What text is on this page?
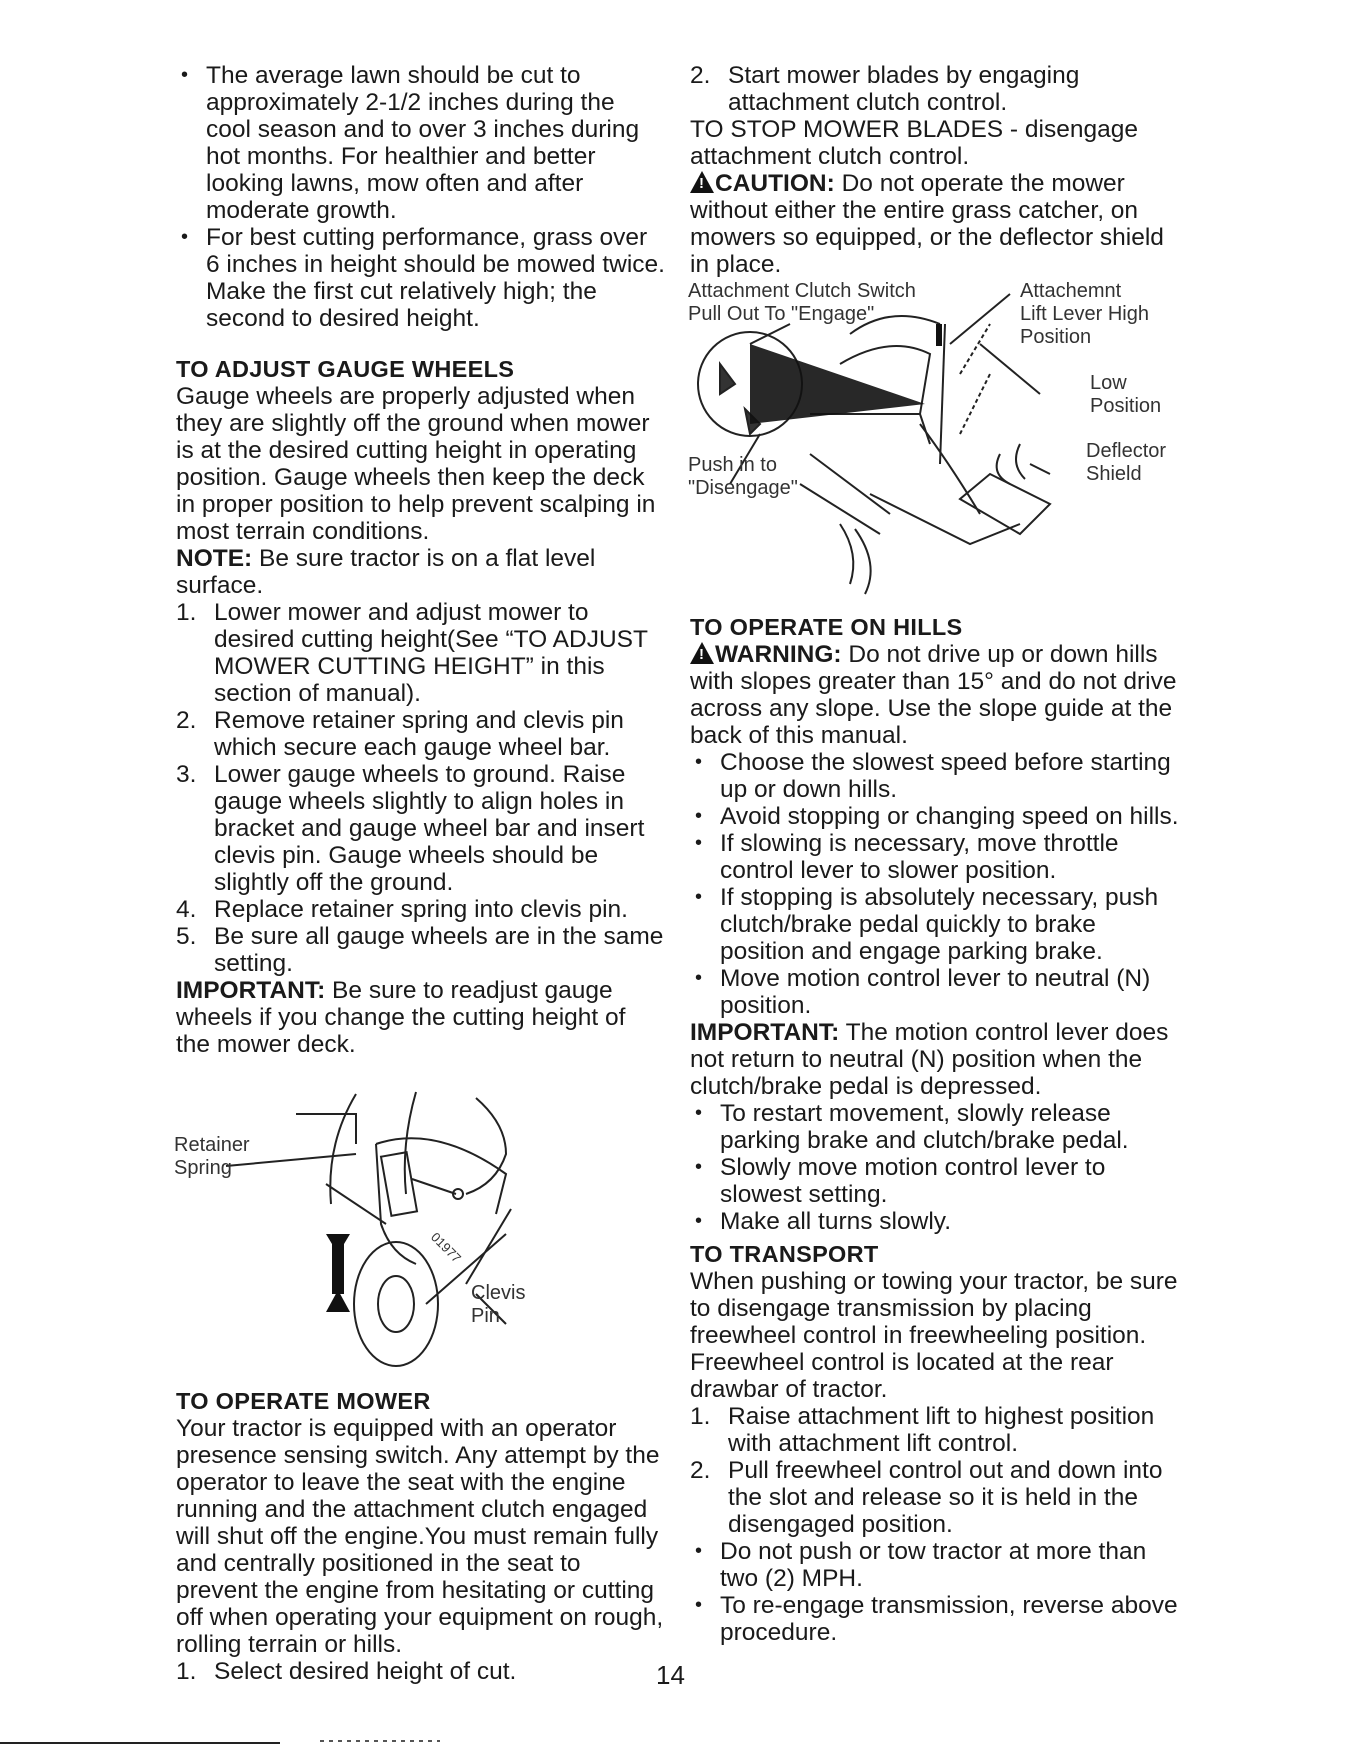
• The average lawn should be cut to approximately 2-1/2 inches during the cool season and to over 3 inches during hot months. For healthier and better looking lawns, mow often and after moderate growth.

• For best cutting performance, grass over 6 inches in height should be mowed twice. Make the first cut relatively high; the second to desired height.

TO ADJUST GAUGE WHEELS

Gauge wheels are properly adjusted when they are slightly off the ground when mower is at the desired cutting height in operating position. Gauge wheels then keep the deck in proper position to help prevent scalping in most terrain conditions.

NOTE: Be sure tractor is on a flat level surface.

1. Lower mower and adjust mower to desired cutting height(See “TO ADJUST MOWER CUTTING HEIGHT” in this section of manual).
2. Remove retainer spring and clevis pin which secure each gauge wheel bar.
3. Lower gauge wheels to ground. Raise gauge wheels slightly to align holes in bracket and gauge wheel bar and insert clevis pin. Gauge wheels should be slightly off the ground.
4. Replace retainer spring into clevis pin.
5. Be sure all gauge wheels are in the same setting.

IMPORTANT: Be sure to readjust gauge wheels if you change the cutting height of the mower deck.

Retainer
Spring
01977
Clevis
Pin

TO OPERATE MOWER

Your tractor is equipped with an operator presence sensing switch. Any attempt by the operator to leave the seat with the engine running and the attachment clutch engaged will shut off the engine.You must remain fully and centrally positioned in the seat to prevent the engine from hesitating or cutting off when operating your equipment on rough, rolling terrain or hills.

1. Select desired height of cut.
2. Start mower blades by engaging attachment clutch control.

TO STOP MOWER BLADES - disengage attachment clutch control.

!CAUTION: Do not operate the mower without either the entire grass catcher, on mowers so equipped, or the deflector shield in place.

Attachment Clutch Switch
Pull Out To "Engage"
Attachemnt
Lift Lever High
Position
Low
Position
Deflector
Shield
Push in to
"Disengage"

TO OPERATE ON HILLS

!WARNING: Do not drive up or down hills with slopes greater than 15° and do not drive across any slope. Use the slope guide at the back of this manual.

• Choose the slowest speed before starting up or down hills.

• Avoid stopping or changing speed on hills.

• If slowing is necessary, move throttle control lever to slower position.

• If stopping is absolutely necessary, push clutch/brake pedal quickly to brake position and engage parking brake.

• Move motion control lever to neutral (N) position.

IMPORTANT: The motion control lever does not return to neutral (N) position when the clutch/brake pedal is depressed.

• To restart movement, slowly release parking brake and clutch/brake pedal.

• Slowly move motion control lever to slowest setting.

• Make all turns slowly.

TO TRANSPORT

When pushing or towing your tractor, be sure to disengage transmission by placing freewheel control in freewheeling position. Freewheel control is located at the rear drawbar of tractor.

1. Raise attachment lift to highest position with attachment lift control.
2. Pull freewheel control out and down into the slot and release so it is held in the disengaged position.

• Do not push or tow tractor at more than two (2) MPH.

• To re-engage transmission, reverse above procedure.

14
